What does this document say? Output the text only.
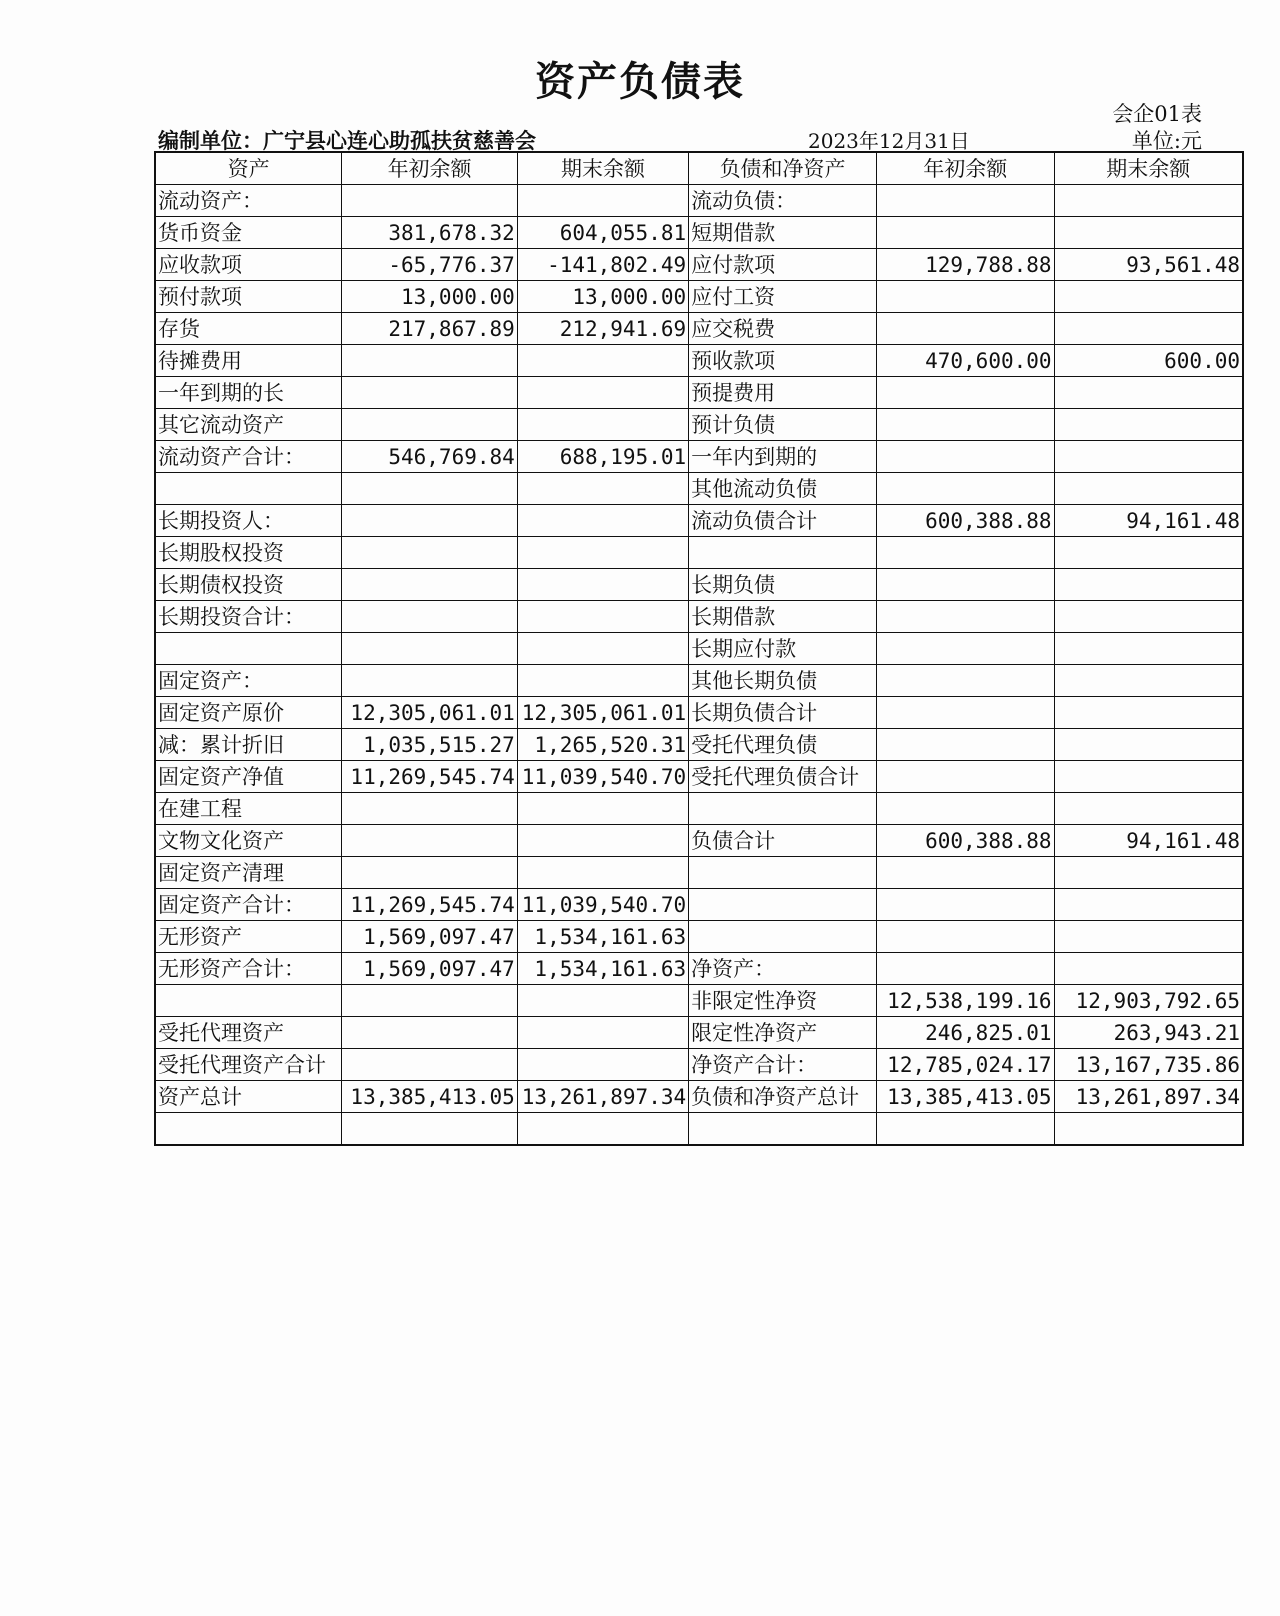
资产负债表
会企01表
编制单位：广宁县心连心助孤扶贫慈善会	2023年12月31日	单位:元
资产	年初余额	期末余额	负债和净资产	年初余额	期末余额
流动资产：			流动负债：		
货币资金	381,678.32	604,055.81	短期借款		
应收款项	-65,776.37	-141,802.49	应付款项	129,788.88	93,561.48
预付款项	13,000.00	13,000.00	应付工资		
存货	217,867.89	212,941.69	应交税费		
待摊费用			预收款项	470,600.00	600.00
一年到期的长			预提费用		
其它流动资产			预计负债		
流动资产合计：	546,769.84	688,195.01	一年内到期的		
			其他流动负债		
长期投资人：			流动负债合计	600,388.88	94,161.48
长期股权投资					
长期债权投资			长期负债		
长期投资合计：			长期借款		
			长期应付款		
固定资产：			其他长期负债		
固定资产原价	12,305,061.01	12,305,061.01	长期负债合计		
减：累计折旧	1,035,515.27	1,265,520.31	受托代理负债		
固定资产净值	11,269,545.74	11,039,540.70	受托代理负债合计		
在建工程					
文物文化资产			负债合计	600,388.88	94,161.48
固定资产清理					
固定资产合计：	11,269,545.74	11,039,540.70			
无形资产	1,569,097.47	1,534,161.63			
无形资产合计：	1,569,097.47	1,534,161.63	净资产：		
			非限定性净资	12,538,199.16	12,903,792.65
受托代理资产			限定性净资产	246,825.01	263,943.21
受托代理资产合计			净资产合计：	12,785,024.17	13,167,735.86
资产总计	13,385,413.05	13,261,897.34	负债和净资产总计	13,385,413.05	13,261,897.34
